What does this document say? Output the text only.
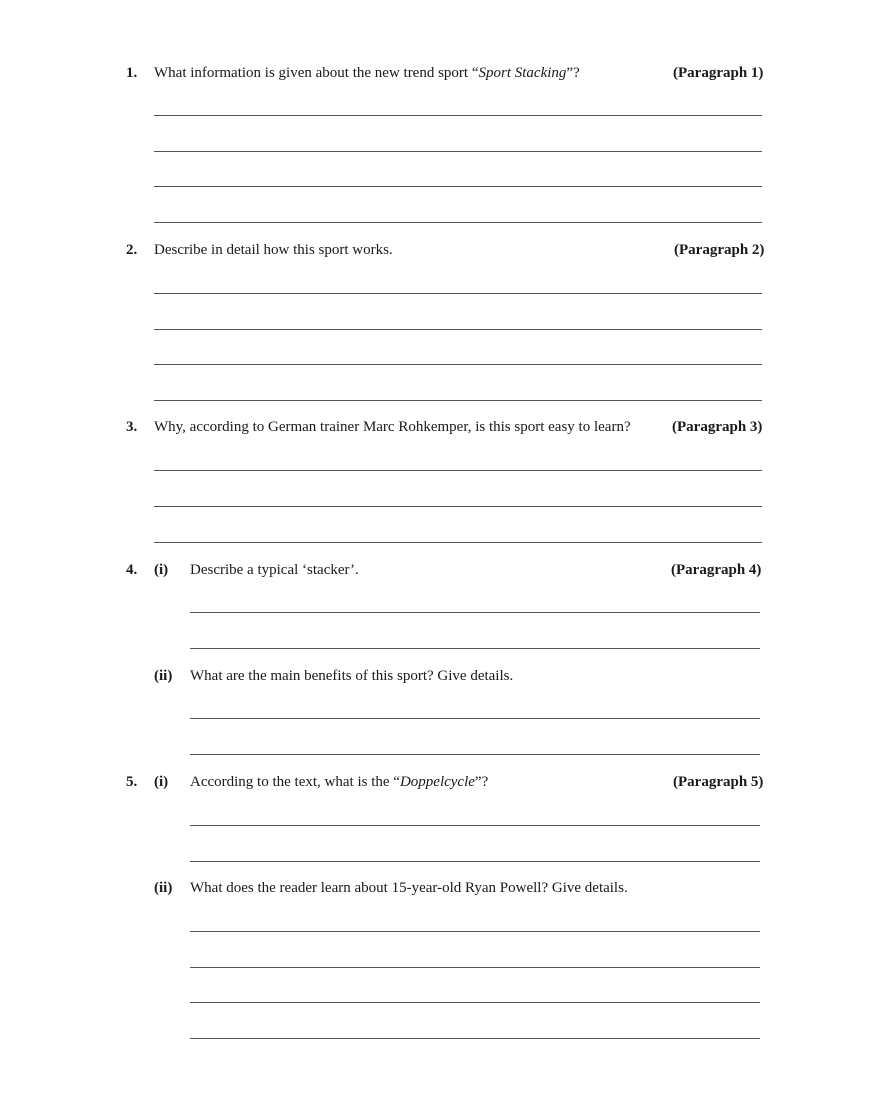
1. What information is given about the new trend sport “Sport Stacking”?	(Paragraph 1)
2. Describe in detail how this sport works.	(Paragraph 2)
3. Why, according to German trainer Marc Rohkemper, is this sport easy to learn?	(Paragraph 3)
4. (i) Describe a typical ‘stacker’.	(Paragraph 4)
(ii) What are the main benefits of this sport? Give details.
5. (i) According to the text, what is the “Doppelcycle”?	(Paragraph 5)
(ii) What does the reader learn about 15-year-old Ryan Powell? Give details.
